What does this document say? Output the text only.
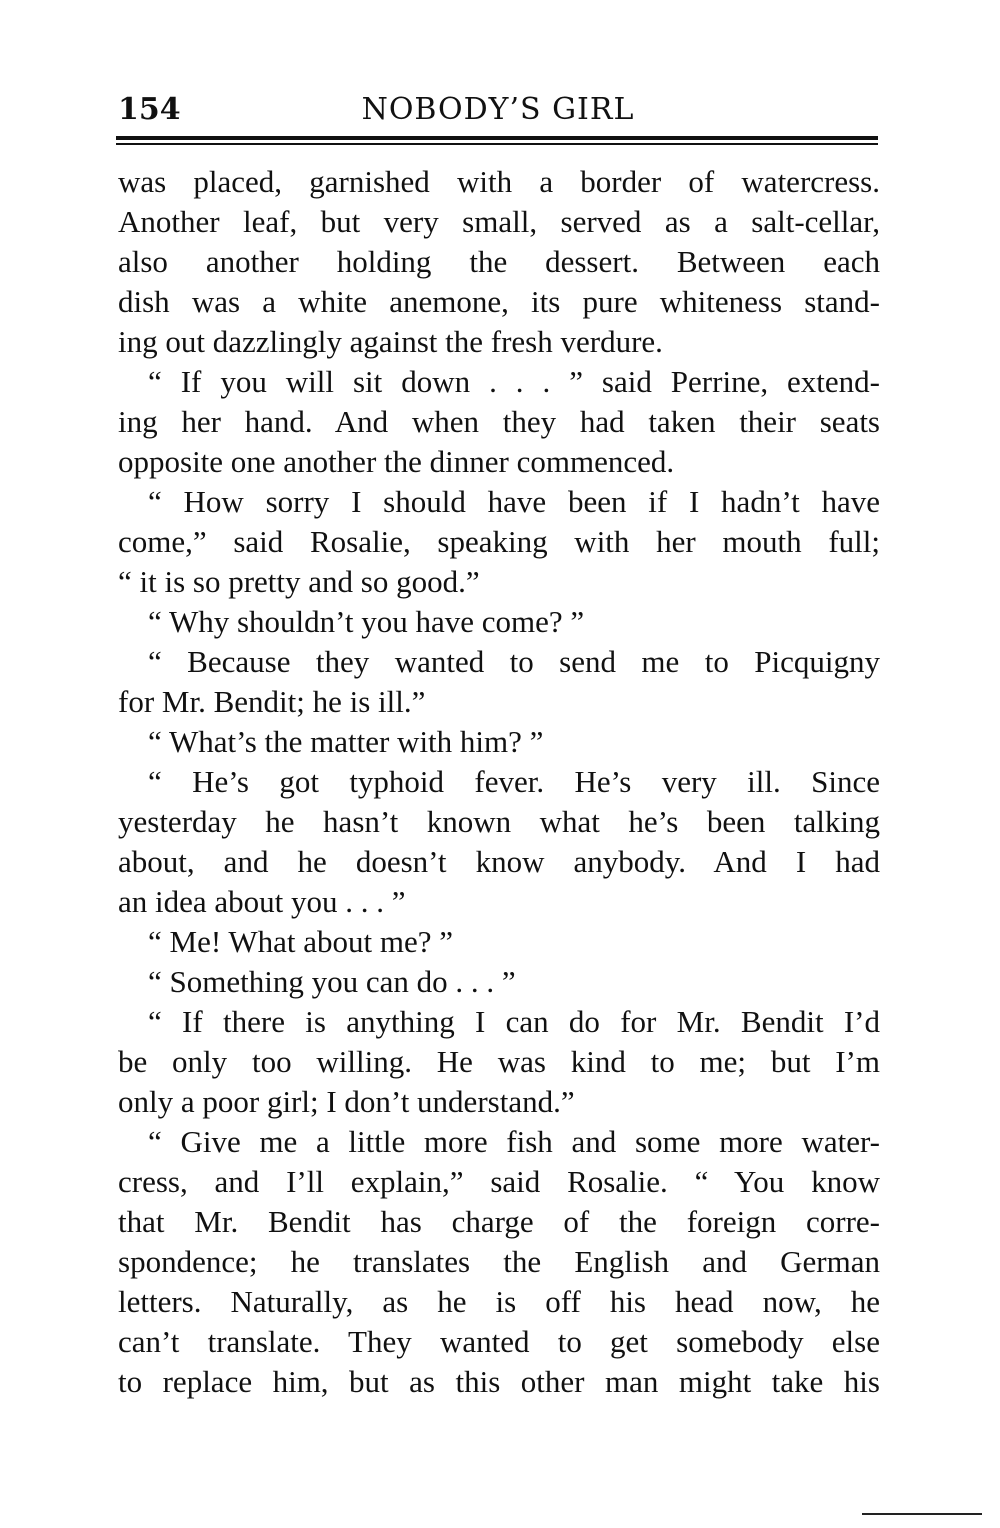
154	NOBODY’S GIRL
was placed, garnished with a border of watercress.
Another leaf, but very small, served as a salt-cellar,
also another holding the dessert. Between each
dish was a white anemone, its pure whiteness stand-
ing out dazzlingly against the fresh verdure.
“ If you will sit down . . . ” said Perrine, extend-
ing her hand. And when they had taken their seats
opposite one another the dinner commenced.
“ How sorry I should have been if I hadn’t have
come,” said Rosalie, speaking with her mouth full;
“ it is so pretty and so good.”
“ Why shouldn’t you have come? ”
“ Because they wanted to send me to Picquigny
for Mr. Bendit; he is ill.”
“ What’s the matter with him? ”
“ He’s got typhoid fever. He’s very ill. Since
yesterday he hasn’t known what he’s been talking
about, and he doesn’t know anybody. And I had
an idea about you . . . ”
“ Me! What about me? ”
“ Something you can do . . . ”
“ If there is anything I can do for Mr. Bendit I’d
be only too willing. He was kind to me; but I’m
only a poor girl; I don’t understand.”
“ Give me a little more fish and some more water-
cress, and I’ll explain,” said Rosalie. “ You know
that Mr. Bendit has charge of the foreign corre-
spondence; he translates the English and German
letters. Naturally, as he is off his head now, he
can’t translate. They wanted to get somebody else
to replace him, but as this other man might take his
